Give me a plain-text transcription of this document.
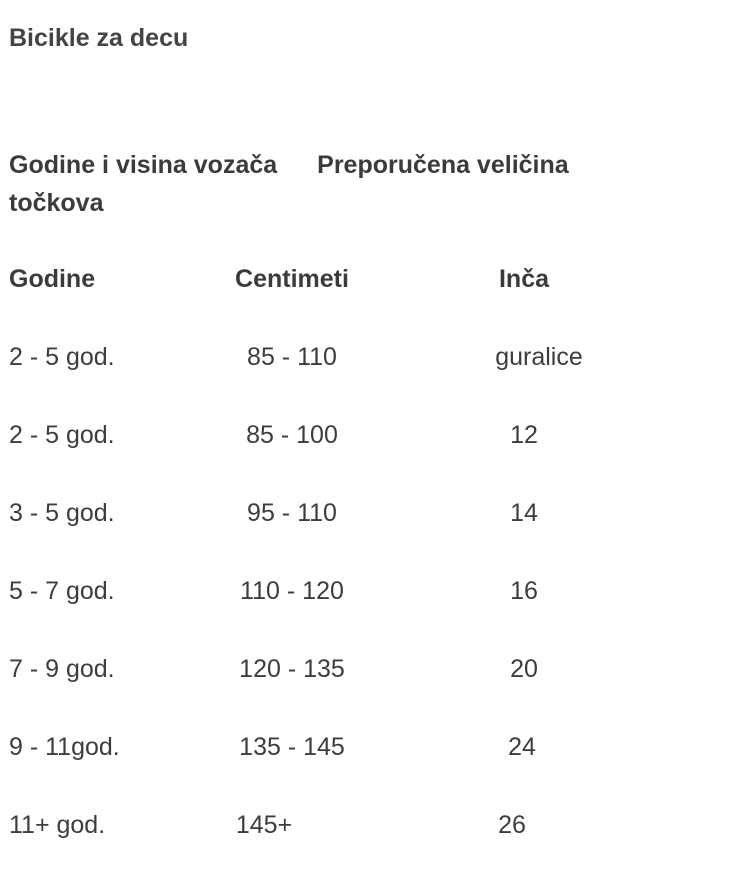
Bicikle za decu

Godine i visina vozača Preporučena veličina
točkova

Godine	Centimeti	Inča
2 - 5 god.	85 - 110	guralice
2 - 5 god.	85 - 100	12
3 - 5 god.	95 - 110	14
5 - 7 god.	110 - 120	16
7 - 9 god.	120 - 135	20
9 - 11god.	135 - 145	24
11+ god.	145+	26
